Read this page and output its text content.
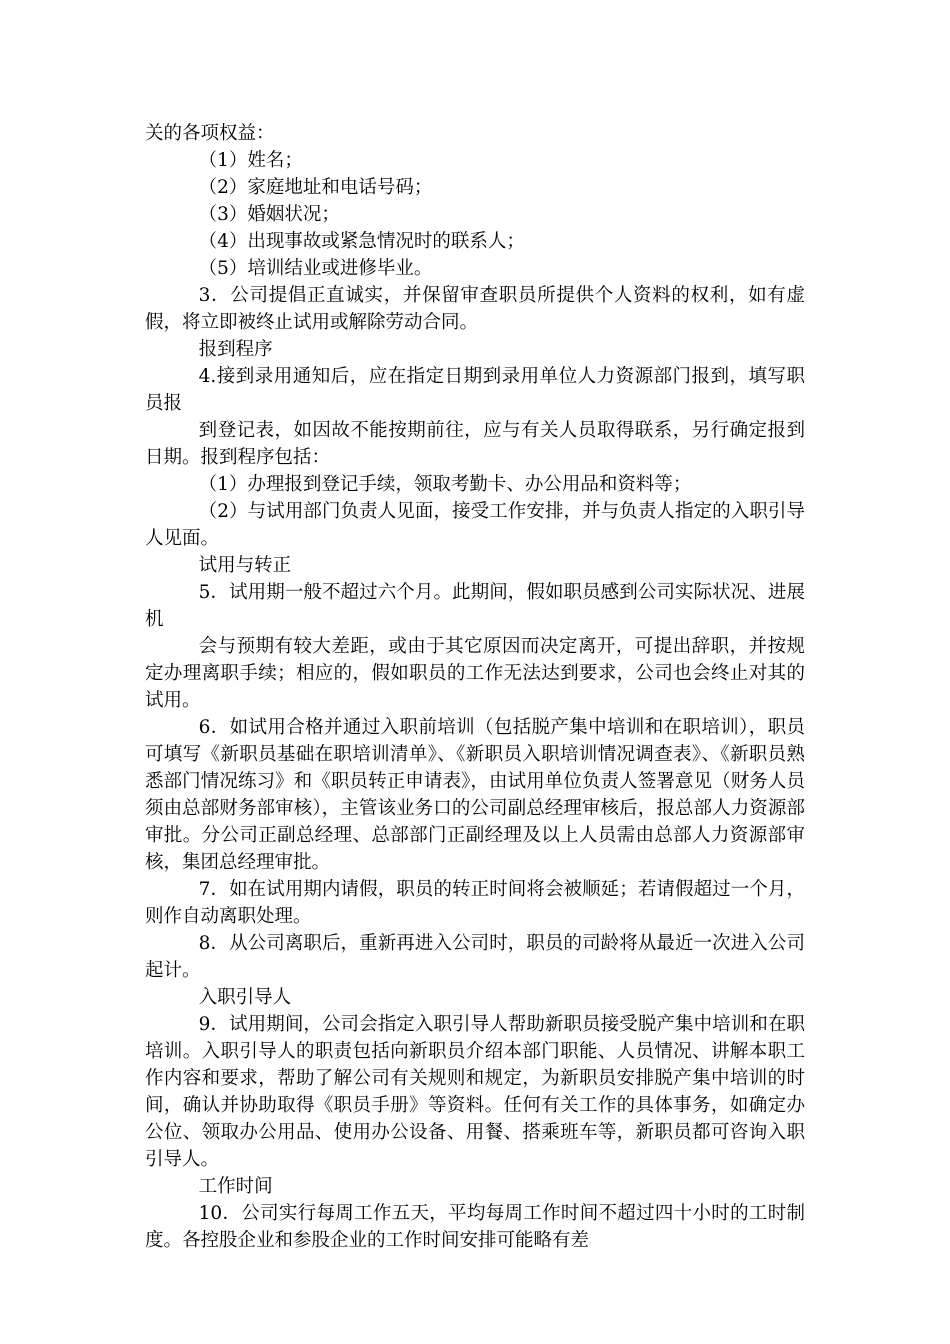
关的各项权益：

（1）姓名；

（2）家庭地址和电话号码；

（3）婚姻状况；

（4）出现事故或紧急情况时的联系人；

（5）培训结业或进修毕业。

3．公司提倡正直诚实，并保留审查职员所提供个人资料的权利，如有虚假，将立即被终止试用或解除劳动合同。

报到程序

4.接到录用通知后，应在指定日期到录用单位人力资源部门报到，填写职员报

到登记表，如因故不能按期前往，应与有关人员取得联系，另行确定报到日期。报到程序包括：

（1）办理报到登记手续，领取考勤卡、办公用品和资料等；

（2）与试用部门负责人见面，接受工作安排，并与负责人指定的入职引导人见面。

试用与转正

5．试用期一般不超过六个月。此期间，假如职员感到公司实际状况、进展机

会与预期有较大差距，或由于其它原因而决定离开，可提出辞职，并按规定办理离职手续；相应的，假如职员的工作无法达到要求，公司也会终止对其的试用。

6．如试用合格并通过入职前培训（包括脱产集中培训和在职培训），职员可填写《新职员基础在职培训清单》、《新职员入职培训情况调查表》、《新职员熟悉部门情况练习》和《职员转正申请表》，由试用单位负责人签署意见（财务人员须由总部财务部审核），主管该业务口的公司副总经理审核后，报总部人力资源部审批。分公司正副总经理、总部部门正副经理及以上人员需由总部人力资源部审核，集团总经理审批。

7．如在试用期内请假，职员的转正时间将会被顺延；若请假超过一个月，则作自动离职处理。

8．从公司离职后，重新再进入公司时，职员的司龄将从最近一次进入公司起计。

入职引导人

9．试用期间，公司会指定入职引导人帮助新职员接受脱产集中培训和在职培训。入职引导人的职责包括向新职员介绍本部门职能、人员情况、讲解本职工作内容和要求，帮助了解公司有关规则和规定，为新职员安排脱产集中培训的时间，确认并协助取得《职员手册》等资料。任何有关工作的具体事务，如确定办公位、领取办公用品、使用办公设备、用餐、搭乘班车等，新职员都可咨询入职引导人。

工作时间

10．公司实行每周工作五天，平均每周工作时间不超过四十小时的工时制度。各控股企业和参股企业的工作时间安排可能略有差
